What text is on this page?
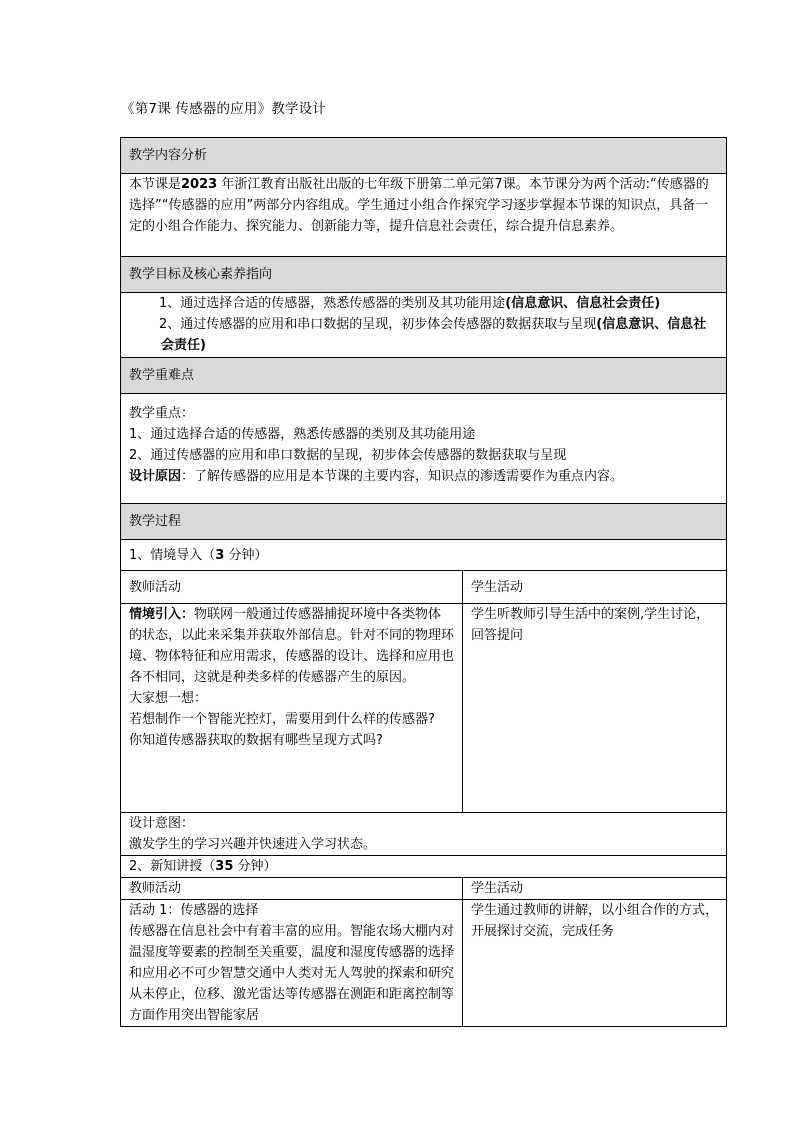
《第7课 传感器的应用》教学设计
教学内容分析	
本节课是2023 年浙江教育出版社出版的七年级下册第二单元第7课。本节课分为两个活动:“传感器的选择”“传感器的应用”两部分内容组成。学生通过小组合作探究学习逐步掌握本节课的知识点，具备一定的小组合作能力、探究能力、创新能力等，提升信息社会责任，综合提升信息素养。	
教学目标及核心素养指向	

1、通过选择合适的传感器，熟悉传感器的类别及其功能用途(信息意识、信息社会责任)
2、通过传感器的应用和串口数据的呈现，初步体会传感器的数据获取与呈现(信息意识、信息社会责任)	

教学重难点	

教学重点：
1、通过选择合适的传感器，熟悉传感器的类别及其功能用途
2、通过传感器的应用和串口数据的呈现，初步体会传感器的数据获取与呈现
设计原因：了解传感器的应用是本节课的主要内容，知识点的渗透需要作为重点内容。	

教学过程	
1、情境导入（3 分钟）	
教师活动	学生活动

情境引入：物联网一般通过传感器捕捉环境中各类物体的状态，以此来采集并获取外部信息。针对不同的物理环境、物体特征和应用需求，传感器的设计、选择和应用也各不相同，这就是种类多样的传感器产生的原因。
大家想一想：
若想制作一个智能光控灯，需要用到什么样的传感器?
你知道传感器获取的数据有哪些呈现方式吗?	学生听教师引导生活中的案例,学生讨论，回答提问

设计意图：
激发学生的学习兴趣并快速进入学习状态。	

2、新知讲授（35 分钟）	
教师活动	学生活动

活动 1：传感器的选择
传感器在信息社会中有着丰富的应用。智能农场大棚内对温湿度等要素的控制至关重要，温度和湿度传感器的选择和应用必不可少智慧交通中人类对无人驾驶的探索和研究从未停止，位移、激光雷达等传感器在测距和距离控制等方面作用突出智能家居	学生通过教师的讲解，以小组合作的方式，开展探讨交流，完成任务
